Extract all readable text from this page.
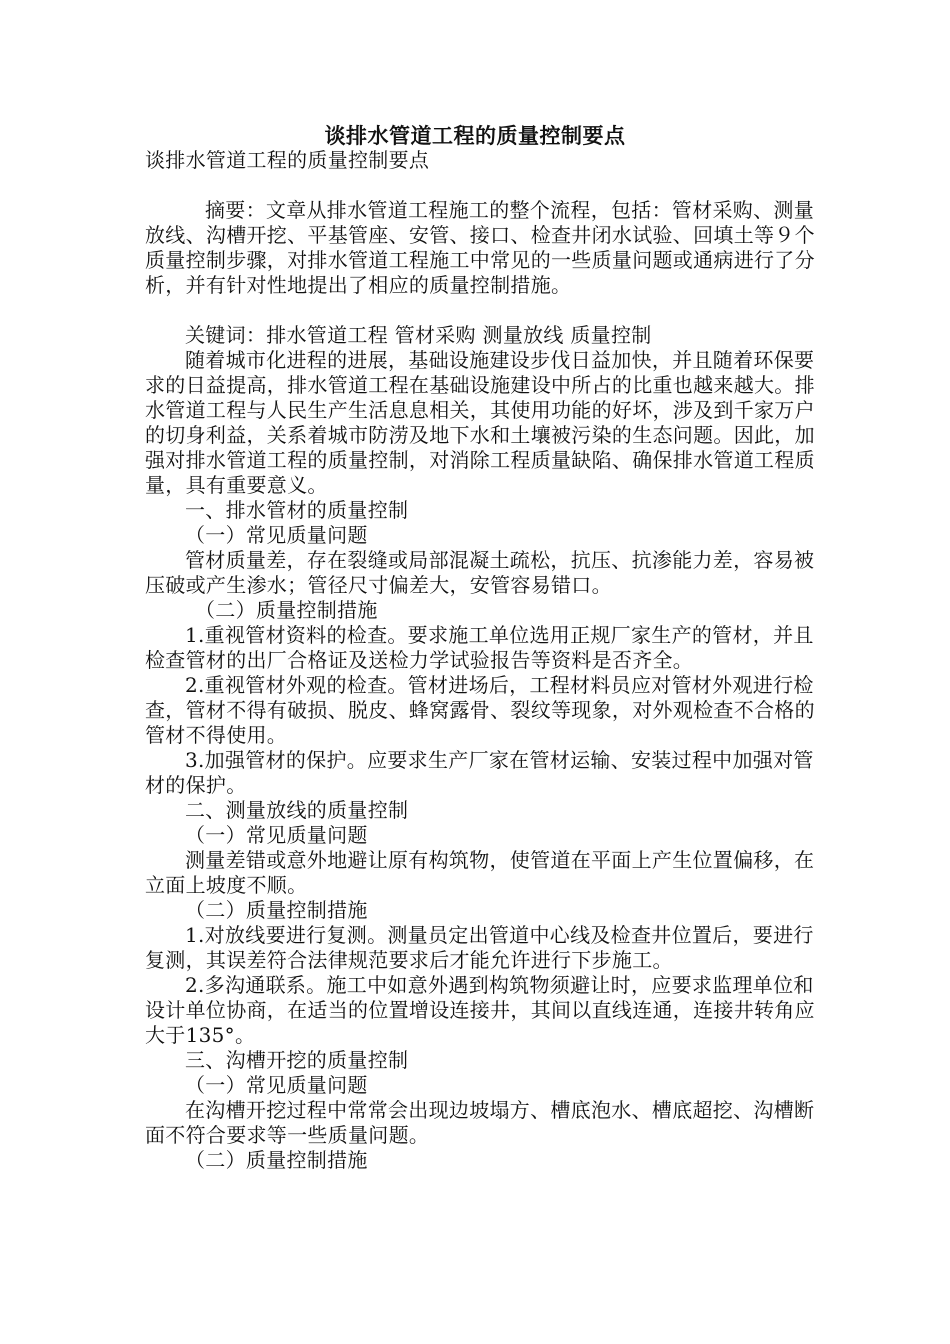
谈排水管道工程的质量控制要点

谈排水管道工程的质量控制要点

摘要：文章从排水管道工程施工的整个流程，包括：管材采购、测量放线、沟槽开挖、平基管座、安管、接口、检查井闭水试验、回填土等９个质量控制步骤，对排水管道工程施工中常见的一些质量问题或通病进行了分析，并有针对性地提出了相应的质量控制措施。

关键词：排水管道工程 管材采购 测量放线 质量控制

随着城市化进程的进展，基础设施建设步伐日益加快，并且随着环保要求的日益提高，排水管道工程在基础设施建设中所占的比重也越来越大。排水管道工程与人民生产生活息息相关，其使用功能的好坏，涉及到千家万户的切身利益，关系着城市防涝及地下水和土壤被污染的生态问题。因此，加强对排水管道工程的质量控制，对消除工程质量缺陷、确保排水管道工程质量，具有重要意义。

一、排水管材的质量控制

（一）常见质量问题

管材质量差，存在裂缝或局部混凝土疏松，抗压、抗渗能力差，容易被压破或产生渗水；管径尺寸偏差大，安管容易错口。

（二）质量控制措施

1.重视管材资料的检查。要求施工单位选用正规厂家生产的管材，并且检查管材的出厂合格证及送检力学试验报告等资料是否齐全。

2.重视管材外观的检查。管材进场后，工程材料员应对管材外观进行检查，管材不得有破损、脱皮、蜂窝露骨、裂纹等现象，对外观检查不合格的管材不得使用。

3.加强管材的保护。应要求生产厂家在管材运输、安装过程中加强对管材的保护。

二、测量放线的质量控制

（一）常见质量问题

测量差错或意外地避让原有构筑物，使管道在平面上产生位置偏移，在立面上坡度不顺。

（二）质量控制措施

1.对放线要进行复测。测量员定出管道中心线及检查井位置后，要进行复测，其误差符合法律规范要求后才能允许进行下步施工。

2.多沟通联系。施工中如意外遇到构筑物须避让时，应要求监理单位和设计单位协商，在适当的位置增设连接井，其间以直线连通，连接井转角应大于135°。

三、沟槽开挖的质量控制

（一）常见质量问题

在沟槽开挖过程中常常会出现边坡塌方、槽底泡水、槽底超挖、沟槽断面不符合要求等一些质量问题。

（二）质量控制措施
